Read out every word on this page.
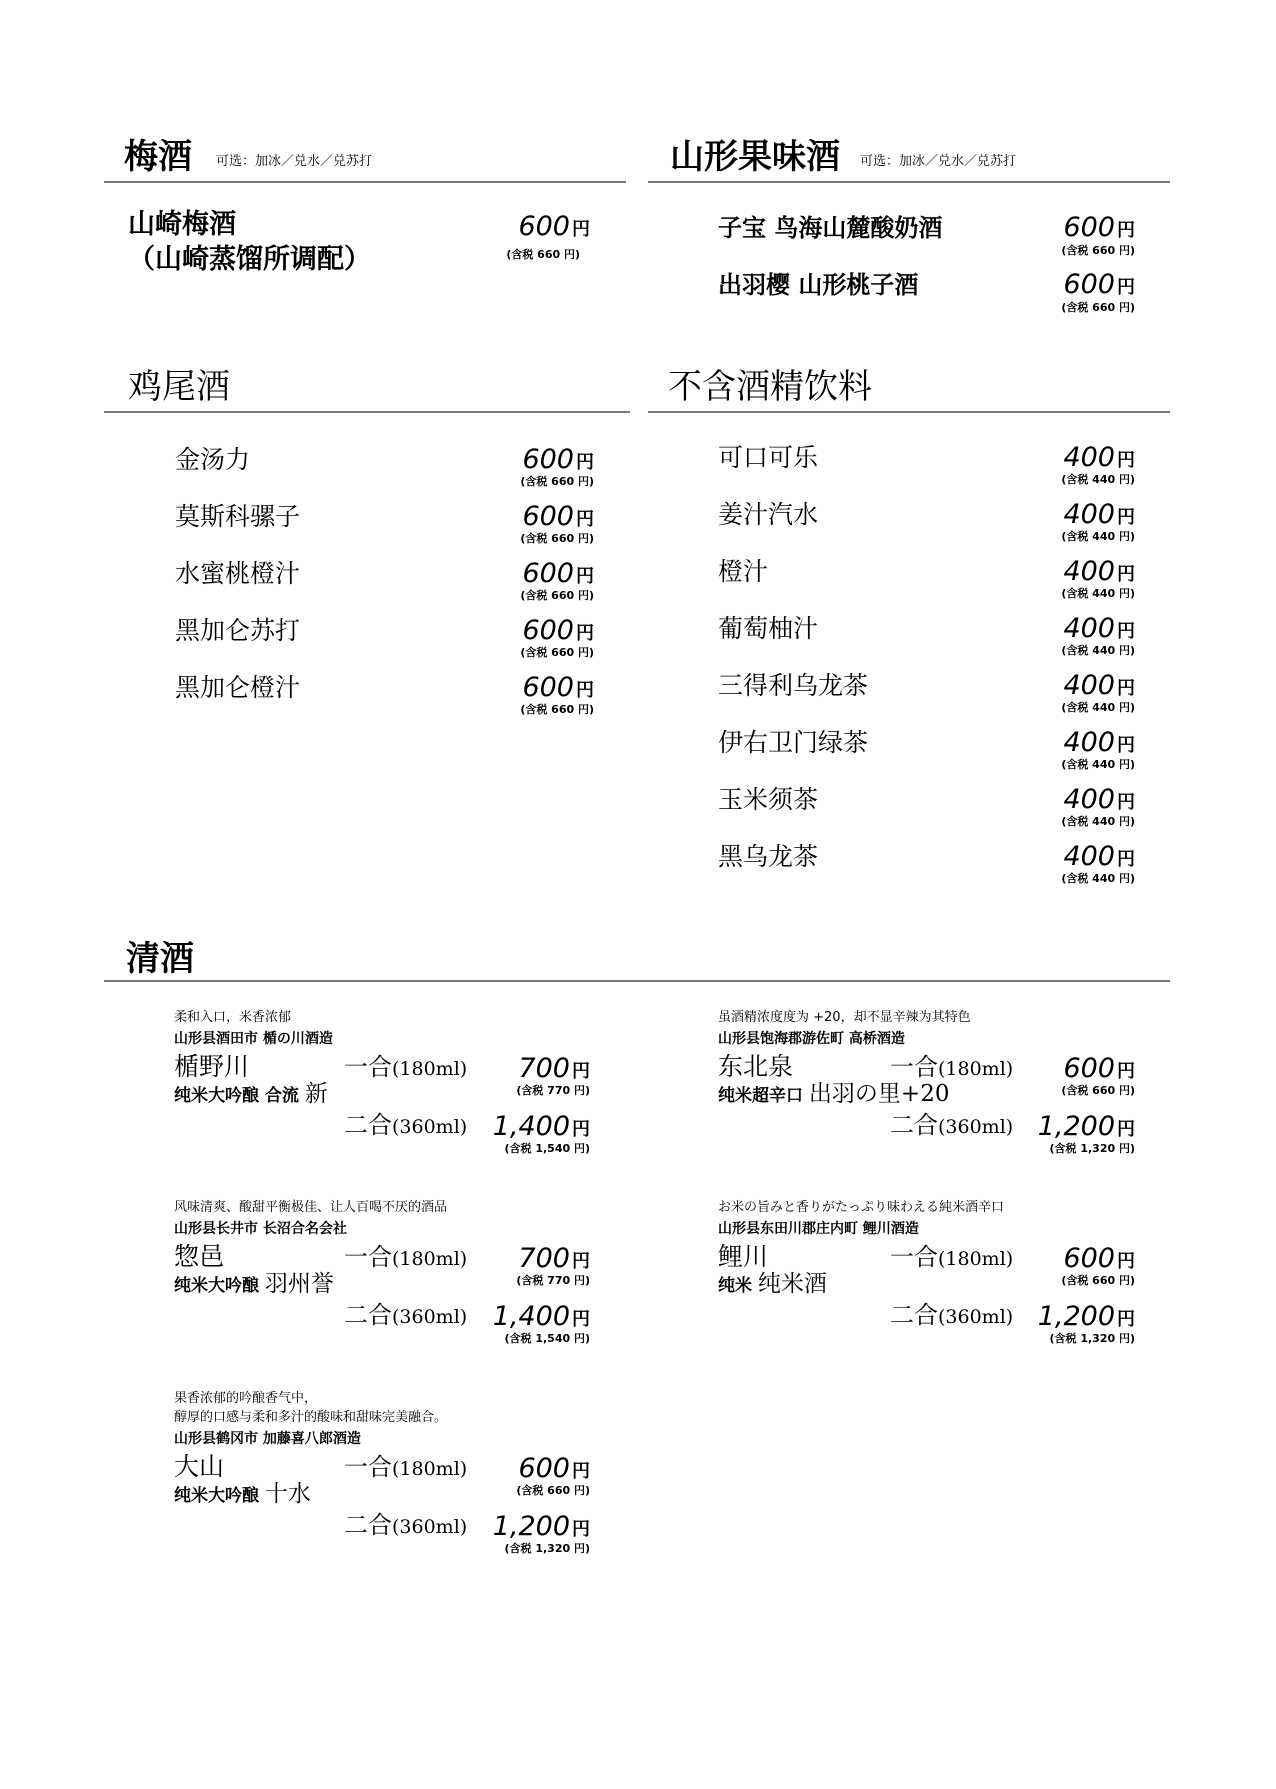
梅酒 可选：加冰／兑水／兑苏打
山崎梅酒
（山崎蒸馏所调配）
600 円
(含税 660 円)
山形果味酒 可选：加冰／兑水／兑苏打
子宝 鸟海山麓酸奶酒	600 円
(含税 660 円)
出羽樱 山形桃子酒	600 円
(含税 660 円)
鸡尾酒
金汤力	600 円
(含税 660 円)
莫斯科骡子	600 円
(含税 660 円)
水蜜桃橙汁	600 円
(含税 660 円)
黑加仑苏打	600 円
(含税 660 円)
黑加仑橙汁	600 円
(含税 660 円)
不含酒精饮料
可口可乐	400 円
(含税 440 円)
姜汁汽水	400 円
(含税 440 円)
橙汁	400 円
(含税 440 円)
葡萄柚汁	400 円
(含税 440 円)
三得利乌龙茶	400 円
(含税 440 円)
伊右卫门绿茶	400 円
(含税 440 円)
玉米须茶	400 円
(含税 440 円)
黑乌龙茶	400 円
(含税 440 円)
清酒
柔和入口，米香浓郁
山形县酒田市 楯の川酒造
楯野川
纯米大吟酿 合流 新
一合(180ml)	700 円
(含税 770 円)
二合(360ml) 1,400 円
(含税 1,540 円)
虽酒精浓度度为 +20，却不显辛辣为其特色
山形县饱海郡游佐町 高桥酒造
东北泉
纯米超辛口 出羽の里+20
一合(180ml)	600 円
(含税 660 円)
二合(360ml) 1,200 円
(含税 1,320 円)
风味清爽、酸甜平衡极佳、让人百喝不厌的酒品
山形县长井市 长沼合名会社
惣邑
纯米大吟酿 羽州誉
一合(180ml)	700 円
(含税 770 円)
二合(360ml) 1,400 円
(含税 1,540 円)
お米の旨みと香りがたっぷり味わえる純米酒辛口
山形县东田川郡庄内町 鲤川酒造
鲤川
纯米 纯米酒
一合(180ml)	600 円
(含税 660 円)
二合(360ml) 1,200 円
(含税 1,320 円)
果香浓郁的吟酿香气中，
醇厚的口感与柔和多汁的酸味和甜味完美融合。
山形县鹤冈市 加藤喜八郎酒造
大山
纯米大吟酿 十水
一合(180ml)	600 円
(含税 660 円)
二合(360ml) 1,200 円
(含税 1,320 円)
